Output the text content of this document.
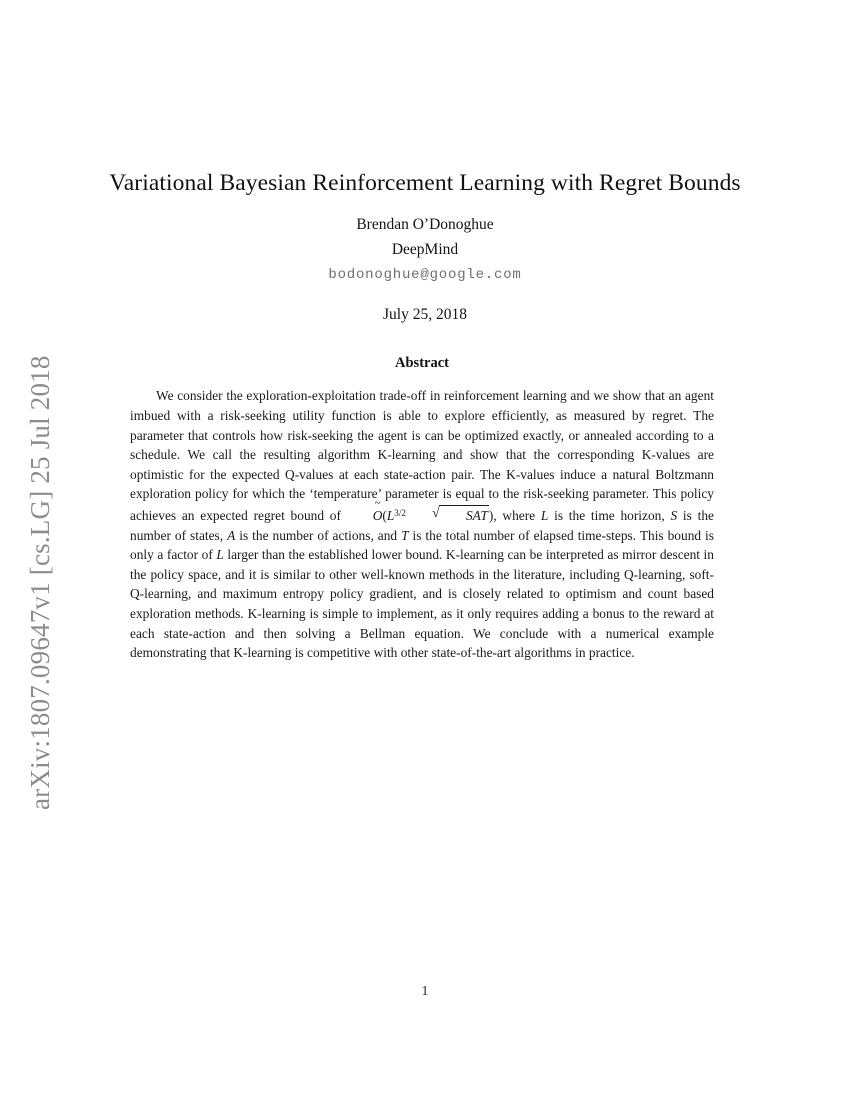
arXiv:1807.09647v1 [cs.LG] 25 Jul 2018
Variational Bayesian Reinforcement Learning with Regret Bounds
Brendan O’Donoghue
DeepMind
bodonoghue@google.com
July 25, 2018
Abstract

We consider the exploration-exploitation trade-off in reinforcement learning and we show that an agent imbued with a risk-seeking utility function is able to explore efficiently, as measured by regret. The parameter that controls how risk-seeking the agent is can be optimized exactly, or annealed according to a schedule. We call the resulting algorithm K-learning and show that the corresponding K-values are optimistic for the expected Q-values at each state-action pair. The K-values induce a natural Boltzmann exploration policy for which the ‘temperature’ parameter is equal to the risk-seeking parameter. This policy achieves an expected regret bound of O $\sim(L^{3/2}$	√ SAT), where L is the time horizon, S is the number of states, A is the number of actions, and T is the total number of elapsed time-steps. This bound is only a factor of L larger than the established lower bound. K-learning can be interpreted as mirror descent in the policy space, and it is similar to other well-known methods in the literature, including Q-learning, soft-Q-learning, and maximum entropy policy gradient, and is closely related to optimism and count based exploration methods. K-learning is simple to implement, as it only requires adding a bonus to the reward at each state-action and then solving a Bellman equation. We conclude with a numerical example demonstrating that K-learning is competitive with other state-of-the-art algorithms in practice.

1
